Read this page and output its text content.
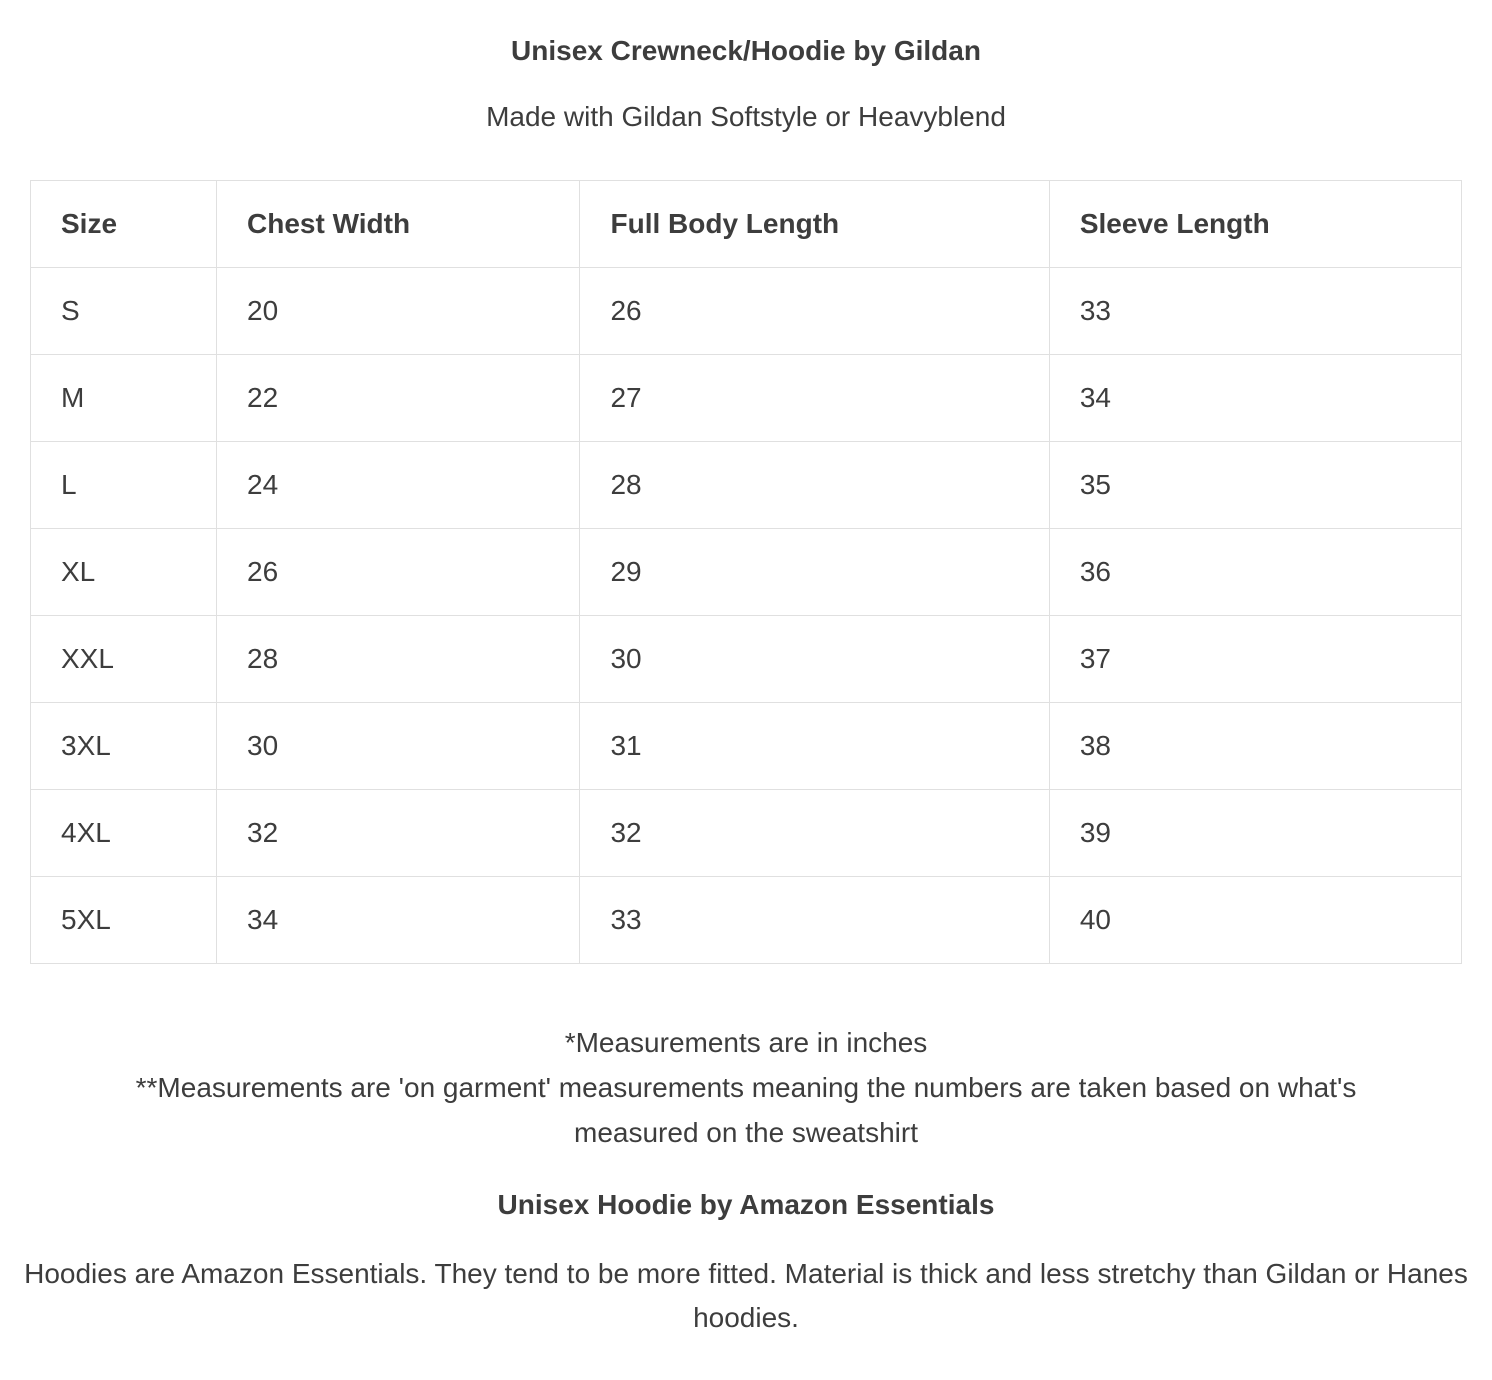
Unisex Crewneck/Hoodie by Gildan

Made with Gildan Softstyle or Heavyblend

Size	Chest Width	Full Body Length	Sleeve Length
S	20	26	33
M	22	27	34
L	24	28	35
XL	26	29	36
XXL	28	30	37
3XL	30	31	38
4XL	32	32	39
5XL	34	33	40

*Measurements are in inches

**Measurements are 'on garment' measurements meaning the numbers are taken based on what's measured on the sweatshirt

Unisex Hoodie by Amazon Essentials

Hoodies are Amazon Essentials. They tend to be more fitted. Material is thick and less stretchy than Gildan or Hanes hoodies.
